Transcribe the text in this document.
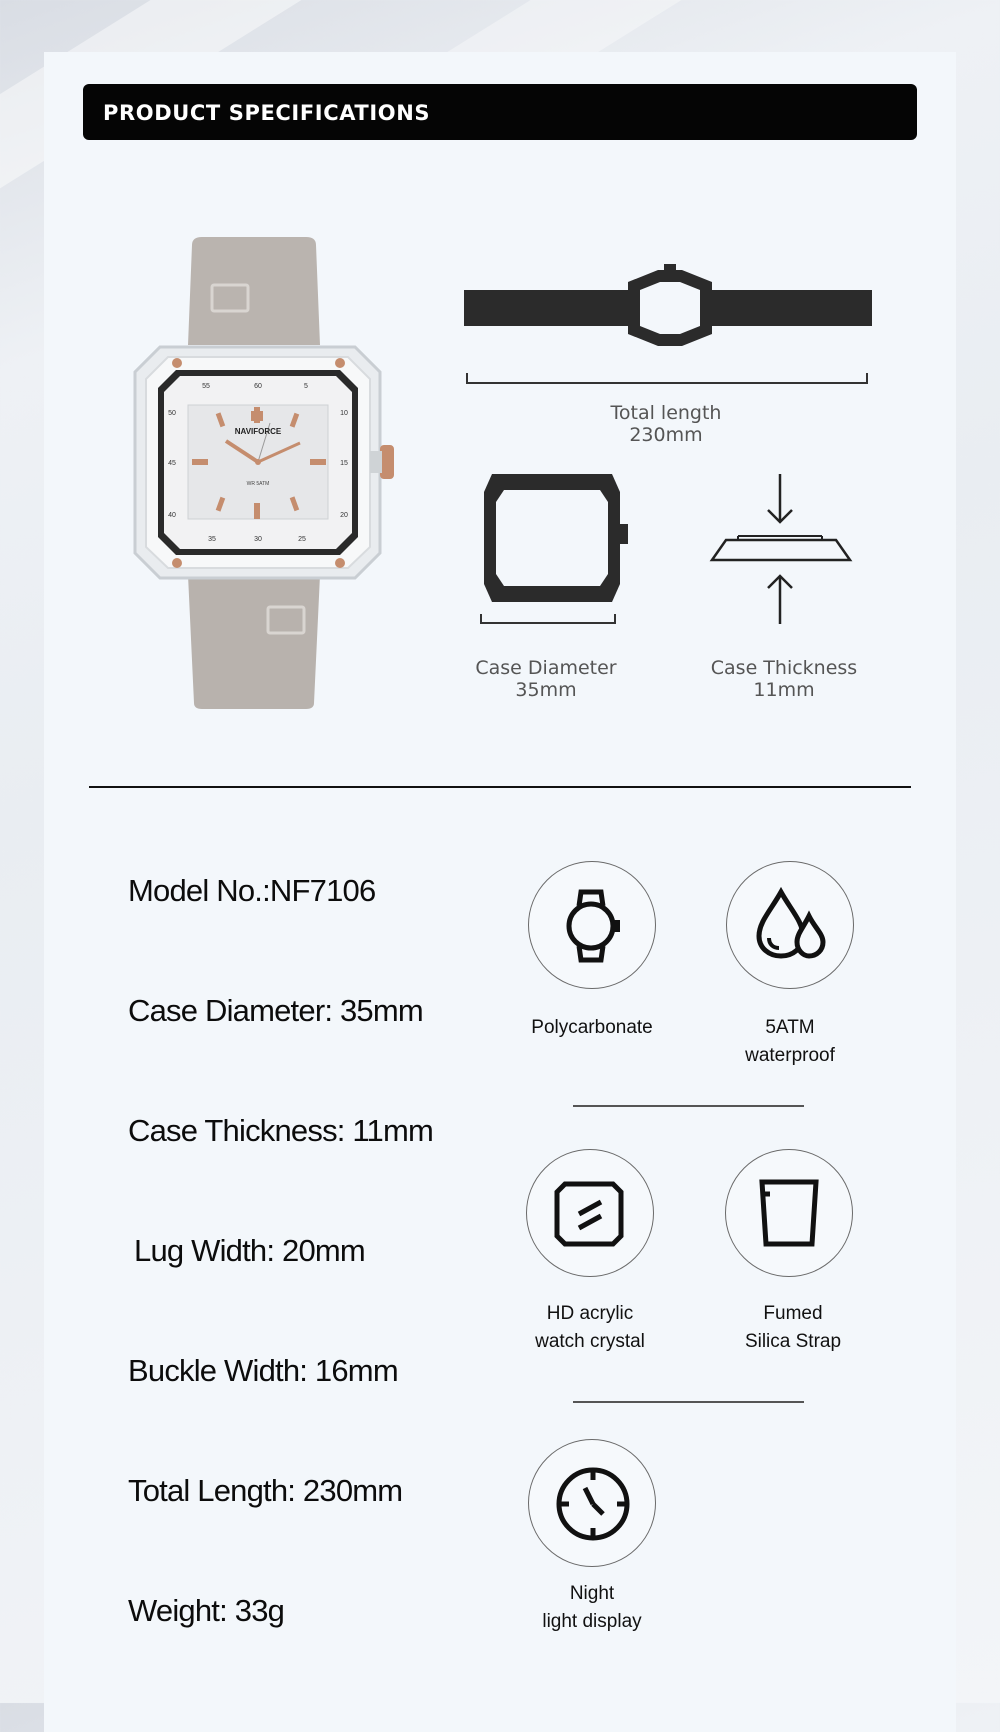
PRODUCT SPECIFICATIONS
NAVIFORCE
WR 5ATM
60
55	5
10
15
20
25
30
35
40
45
50	Total length
230mm
Case Diameter
35mm
Case Thickness
11mm
Model No.:NF7106
Case Diameter: 35mm
Case Thickness: 11mm
Lug Width: 20mm
Buckle Width: 16mm
Total Length: 230mm
Weight: 33g
Polycarbonate	5ATM
waterproof
HD acrylic
watch crystal
Fumed
Silica Strap
Night
light display
